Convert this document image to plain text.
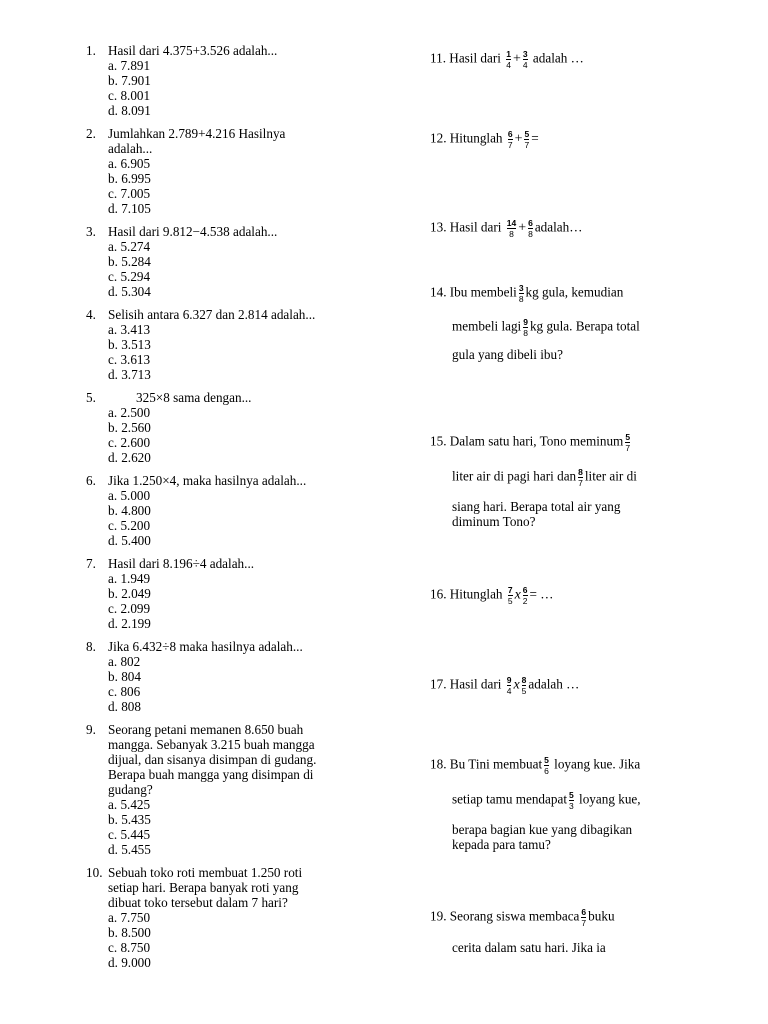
1. Hasil dari 4.375+3.526 adalah...
a. 7.891
b. 7.901
c. 8.001
d. 8.091
2. Jumlahkan 2.789+4.216 Hasilnya
adalah...
a. 6.905
b. 6.995
c. 7.005
d. 7.105
3. Hasil dari 9.812−4.538 adalah...
a. 5.274
b. 5.284
c. 5.294
d. 5.304
4. Selisih antara 6.327 dan 2.814 adalah...
a. 3.413
b. 3.513
c. 3.613
d. 3.713
5.	325×8 sama dengan...
a. 2.500
b. 2.560
c. 2.600
d. 2.620
6. Jika 1.250×4, maka hasilnya adalah...
a. 5.000
b. 4.800
c. 5.200
d. 5.400
7. Hasil dari 8.196÷4 adalah...
a. 1.949
b. 2.049
c. 2.099
d. 2.199
8. Jika 6.432÷8 maka hasilnya adalah...
a. 802
b. 804
c. 806
d. 808
9. Seorang petani memanen 8.650 buah
mangga. Sebanyak 3.215 buah mangga
dijual, dan sisanya disimpan di gudang.
Berapa buah mangga yang disimpan di
gudang?
a. 5.425
b. 5.435
c. 5.445
d. 5.455
10. Sebuah toko roti membuat 1.250 roti
setiap hari. Berapa banyak roti yang
dibuat toko tersebut dalam 7 hari?
a. 7.750
b. 8.500
c. 8.750
d. 9.000
11. Hasil dari $\frac{1}{4} + \frac{3}{4}$ adalah …
12. Hitunglah $\frac{6}{7} + \frac{5}{7}$ =
13. Hasil dari $\frac{14}{8} + \frac{6}{8}$ adalah…
14. Ibu membeli $\frac{3}{8}$ kg gula, kemudian
membeli lagi $\frac{9}{8}$ kg gula. Berapa total
gula yang dibeli ibu?
15. Dalam satu hari, Tono meminum $\frac{5}{7}$
liter air di pagi hari dan $\frac{8}{7}$ liter air di
siang hari. Berapa total air yang
diminum Tono?
16. Hitunglah $\frac{7}{5}$ x $\frac{6}{2}$ = …
17. Hasil dari $\frac{9}{4}$ x $\frac{8}{5}$ adalah …
18. Bu Tini membuat $\frac{5}{6}$ loyang kue. Jika
setiap tamu mendapat $\frac{5}{3}$ loyang kue,
berapa bagian kue yang dibagikan
kepada para tamu?
19. Seorang siswa membaca $\frac{6}{7}$ buku
cerita dalam satu hari. Jika ia
